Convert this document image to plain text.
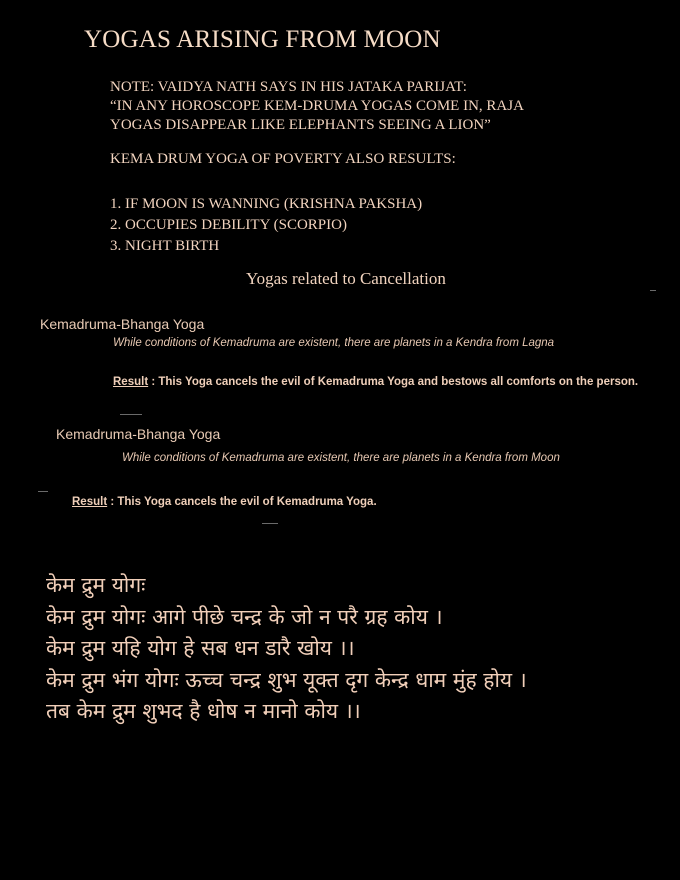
YOGAS ARISING FROM MOON
NOTE: VAIDYA NATH SAYS IN HIS JATAKA PARIJAT:
“IN ANY HOROSCOPE KEM-DRUMA YOGAS COME IN, RAJA
YOGAS DISAPPEAR LIKE ELEPHANTS SEEING A LION”
KEMA DRUM YOGA OF POVERTY ALSO RESULTS:
1. IF MOON IS WANNING (KRISHNA PAKSHA)
2. OCCUPIES DEBILITY (SCORPIO)
3. NIGHT BIRTH
Yogas related to Cancellation
Kemadruma-Bhanga Yoga
While conditions of Kemadruma are existent, there are planets in a Kendra from Lagna
Result : This Yoga cancels the evil of Kemadruma Yoga and bestows all comforts on the person.
Kemadruma-Bhanga Yoga
While conditions of Kemadruma are existent, there are planets in a Kendra from Moon
Result : This Yoga cancels the evil of Kemadruma Yoga.
केम द्रुम योगः
केम द्रुम योगः आगे पीछे चन्द्र के जो न परै ग्रह कोय ।
केम द्रुम यहि योग हे सब धन डारै खोय ।।
केम द्रुम भंग योगः ऊच्च चन्द्र शुभ यूक्त दृग केन्द्र धाम मुंह होय ।
तब केम द्रुम शुभद है धोष न मानो कोय ।।
